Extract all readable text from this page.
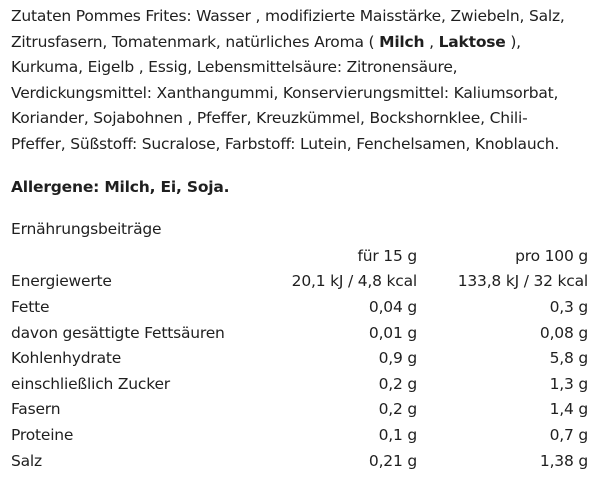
Zutaten Pommes Frites: Wasser , modifizierte Maisstärke, Zwiebeln, Salz,
Zitrusfasern, Tomatenmark, natürliches Aroma ( Milch , Laktose ),
Kurkuma, Eigelb , Essig, Lebensmittelsäure: Zitronensäure,
Verdickungsmittel: Xanthangummi, Konservierungsmittel: Kaliumsorbat,
Koriander, Sojabohnen , Pfeffer, Kreuzkümmel, Bockshornklee, Chili-
Pfeffer, Süßstoff: Sucralose, Farbstoff: Lutein, Fenchelsamen, Knoblauch.

Allergene: Milch, Ei, Soja.
Ernährungsbeiträge
	für 15 g	pro 100 g
Energiewerte	20,1 kJ / 4,8 kcal	133,8 kJ / 32 kcal
Fette	0,04 g	0,3 g
davon gesättigte Fettsäuren	0,01 g	0,08 g
Kohlenhydrate	0,9 g	5,8 g
einschließlich Zucker	0,2 g	1,3 g
Fasern	0,2 g	1,4 g
Proteine	0,1 g	0,7 g
Salz	0,21 g	1,38 g
